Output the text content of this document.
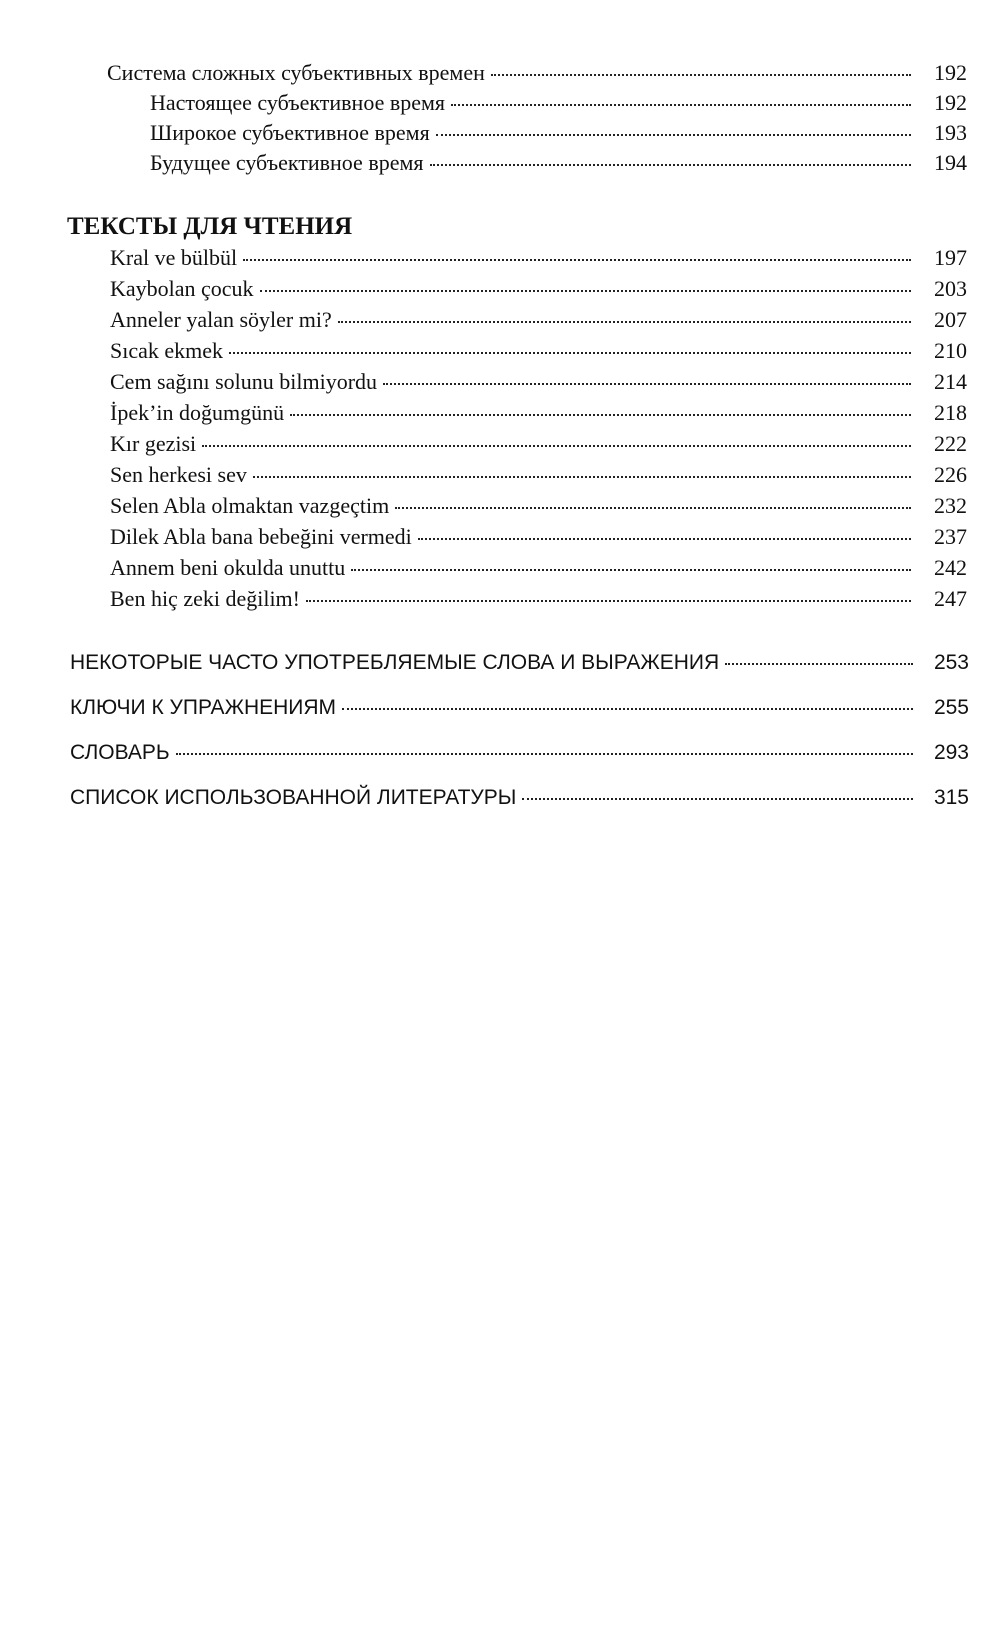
Система сложных субъективных времен	192
Настоящее субъективное время	192
Широкое субъективное время	193
Будущее субъективное время	194
ТЕКСТЫ ДЛЯ ЧТЕНИЯ
Kral ve bülbül	197
Kaybolan çocuk	203
Anneler yalan söyler mi?	207
Sıcak ekmek	210
Cem sağını solunu bilmiyordu	214
İpek’in doğumgünü	218
Kır gezisi	222
Sen herkesi sev	226
Selen Abla olmaktan vazgeçtim	232
Dilek Abla bana bebeğini vermedi	237
Annem beni okulda unuttu	242
Ben hiç zeki değilim!	247
НЕКОТОРЫЕ ЧАСТО УПОТРЕБЛЯЕМЫЕ СЛОВА И ВЫРАЖЕНИЯ	253
КЛЮЧИ К УПРАЖНЕНИЯМ	255
СЛОВАРЬ	293
СПИСОК ИСПОЛЬЗОВАННОЙ ЛИТЕРАТУРЫ	315
